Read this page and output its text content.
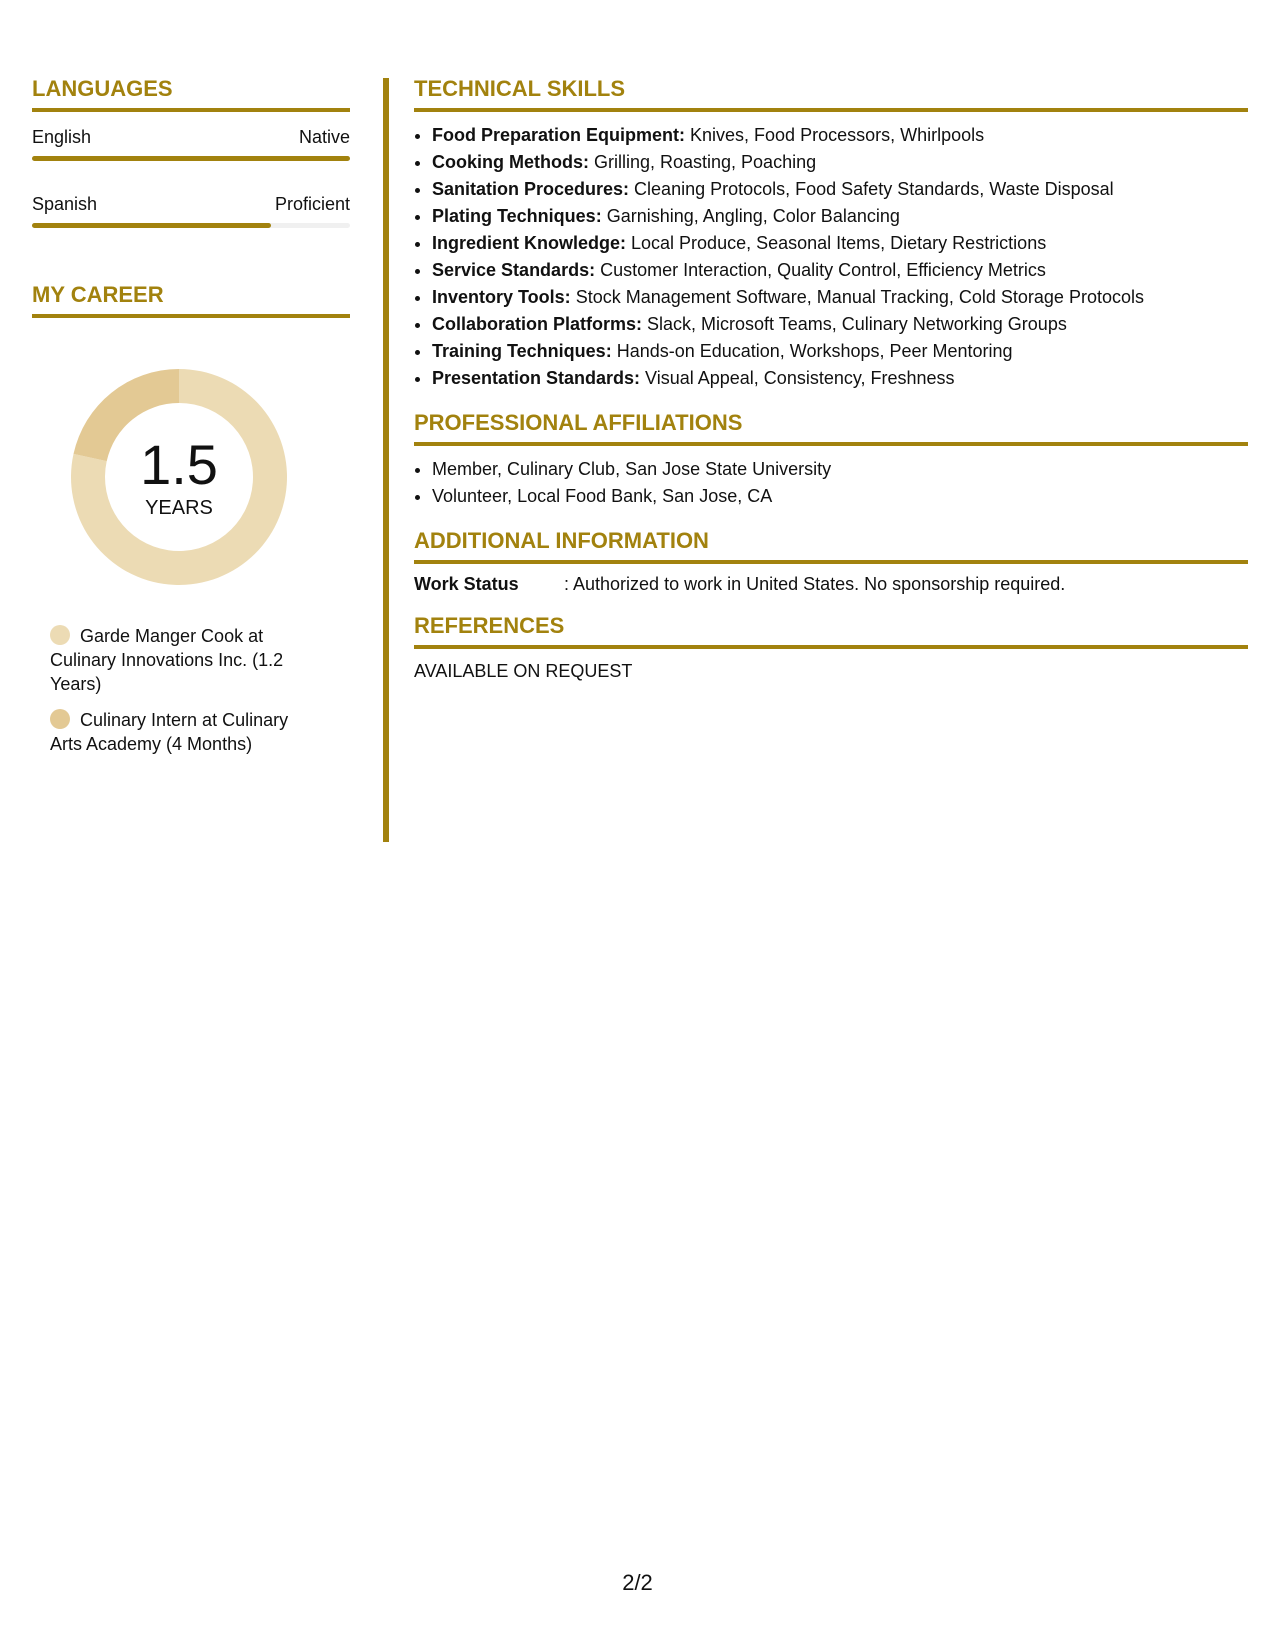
LANGUAGES
English	Native
Spanish	Proficient
MY CAREER
1.5
YEARS
Garde Manger Cook at Culinary Innovations Inc. (1.2 Years)
Culinary Intern at Culinary Arts Academy (4 Months)
TECHNICAL SKILLS
• Food Preparation Equipment: Knives, Food Processors, Whirlpools
• Cooking Methods: Grilling, Roasting, Poaching
• Sanitation Procedures: Cleaning Protocols, Food Safety Standards, Waste Disposal
• Plating Techniques: Garnishing, Angling, Color Balancing
• Ingredient Knowledge: Local Produce, Seasonal Items, Dietary Restrictions
• Service Standards: Customer Interaction, Quality Control, Efficiency Metrics
• Inventory Tools: Stock Management Software, Manual Tracking, Cold Storage Protocols
• Collaboration Platforms: Slack, Microsoft Teams, Culinary Networking Groups
• Training Techniques: Hands-on Education, Workshops, Peer Mentoring
• Presentation Standards: Visual Appeal, Consistency, Freshness
PROFESSIONAL AFFILIATIONS
• Member, Culinary Club, San Jose State University
• Volunteer, Local Food Bank, San Jose, CA
ADDITIONAL INFORMATION
Work Status	: Authorized to work in United States. No sponsorship required.
REFERENCES
AVAILABLE ON REQUEST
2/2
